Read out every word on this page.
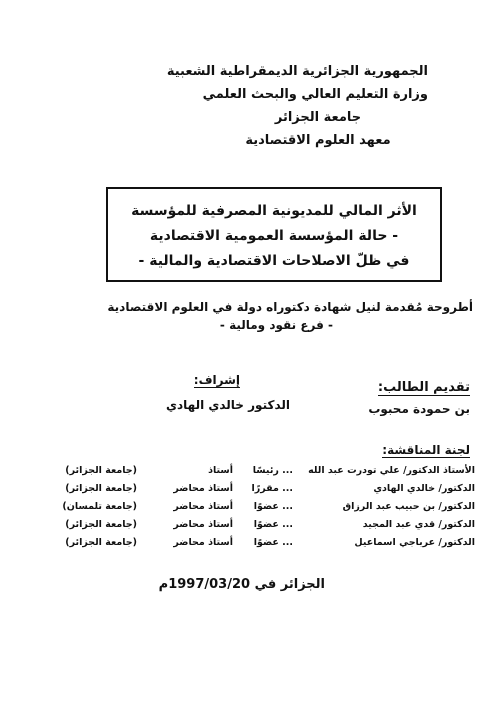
الجمهورية الجزائرية الديمقراطية الشعبية
وزارة التعليم العالي والبحث العلمي
جامعة الجزائر
معهد العلوم الاقتصادية
الأثر المالي للمديونية المصرفية للمؤسسة
- حالة المؤسسة العمومية الاقتصادية
في ظلّ الاصلاحات الاقتصادية والمالية -
أطروحة مُقدمة لنيل شهادة دكتوراه دولة في العلوم الاقتصادية
- فرع نقود ومالية -
تقديم الطالب:
بن حمودة محبوب
إشراف:
الدكتور خالدي الهادي
لجنة المناقشة:
الأستاذ الدكتور/ علي تودرت عبد الله
... رئيسًا
أستاذ
(جامعة الجزائر)
الدكتور/ خالدي الهادي
... مقررًا
أستاذ محاضر
(جامعة الجزائر)
الدكتور/ بن حبيب عبد الرزاق
... عضوًا
أستاذ محاضر
(جامعة تلمسان)
الدكتور/ قدي عبد المجيد
... عضوًا
أستاذ محاضر
(جامعة الجزائر)
الدكتور/ عرباجي اسماعيل
... عضوًا
أستاذ محاضر
(جامعة الجزائر)
الجزائر في 1997/03/20م
